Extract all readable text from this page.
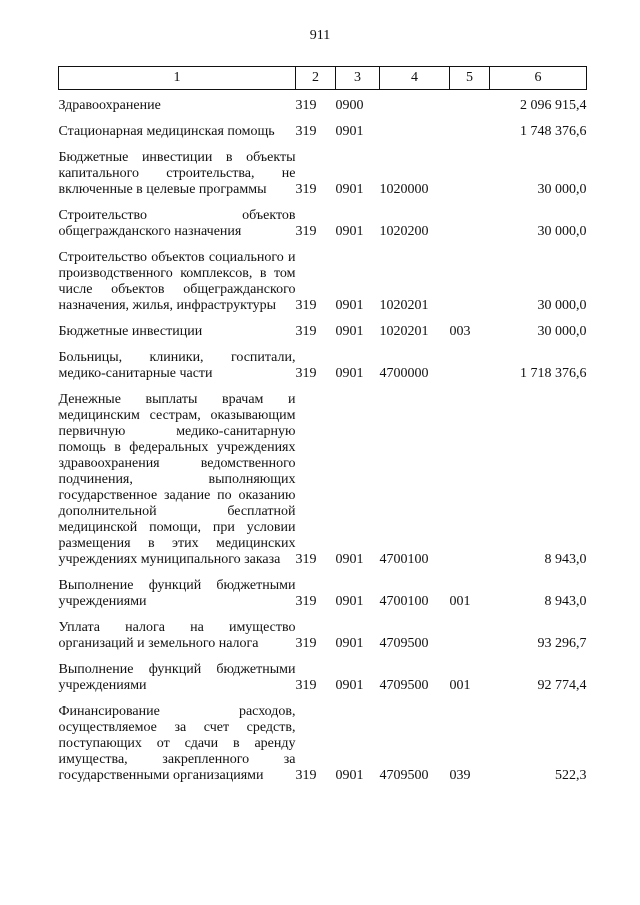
911
1	2	3	4	5	6
Здравоохранение	319	0900			2 096 915,4
Стационарная медицинская помощь	319	0901			1 748 376,6
Бюджетные инвестиции в объекты капитального строительства, не включенные в целевые программы	319	0901	1020000		30 000,0
Строительство объектов общегражданского назначения	319	0901	1020200		30 000,0
Строительство объектов социального и производственного комплексов, в том числе объектов общегражданского назначения, жилья, инфраструктуры	319	0901	1020201		30 000,0
Бюджетные инвестиции	319	0901	1020201	003	30 000,0
Больницы, клиники, госпитали, медико-санитарные части	319	0901	4700000		1 718 376,6
Денежные выплаты врачам и медицинским сестрам, оказывающим первичную медико-санитарную помощь в федеральных учреждениях здравоохранения ведомственного подчинения, выполняющих государственное задание по оказанию дополнительной бесплатной медицинской помощи, при условии размещения в этих медицинских учреждениях муниципального заказа	319	0901	4700100		8 943,0
Выполнение функций бюджетными учреждениями	319	0901	4700100	001	8 943,0
Уплата налога на имущество организаций и земельного налога	319	0901	4709500		93 296,7
Выполнение функций бюджетными учреждениями	319	0901	4709500	001	92 774,4
Финансирование расходов, осуществляемое за счет средств, поступающих от сдачи в аренду имущества, закрепленного за государственными организациями	319	0901	4709500	039	522,3
